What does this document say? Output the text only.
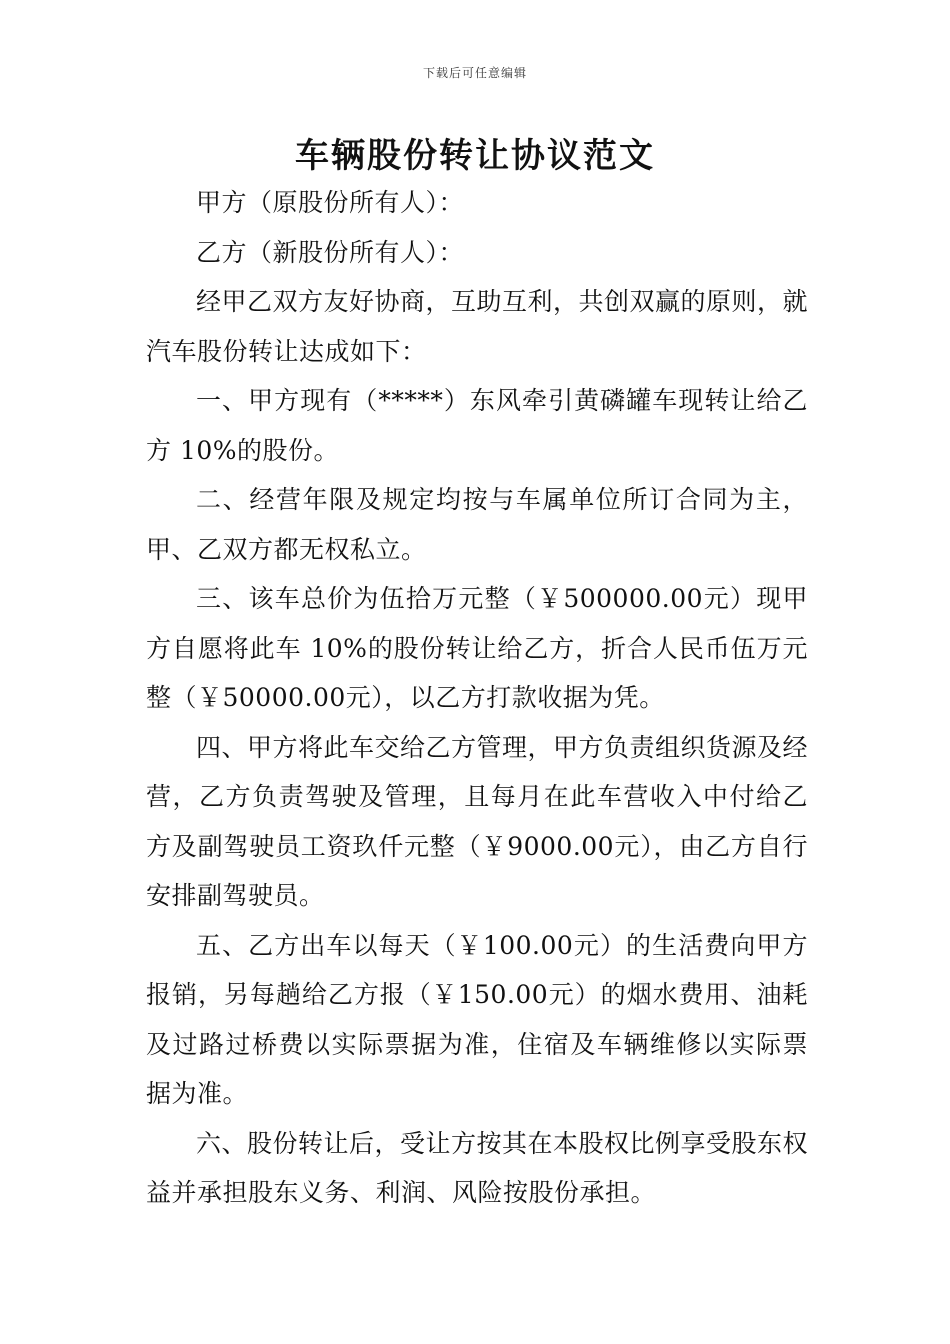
下载后可任意编辑
车辆股份转让协议范文

甲方（原股份所有人）：

乙方（新股份所有人）：

经甲乙双方友好协商，互助互利，共创双赢的原则，就汽车股份转让达成如下：

一、甲方现有（*****）东风牵引黄磷罐车现转让给乙方 10%的股份。

二、经营年限及规定均按与车属单位所订合同为主，甲、乙双方都无权私立。

三、该车总价为伍拾万元整（￥500000.00元）现甲方自愿将此车 10%的股份转让给乙方，折合人民币伍万元整（￥50000.00元），以乙方打款收据为凭。

四、甲方将此车交给乙方管理，甲方负责组织货源及经营，乙方负责驾驶及管理，且每月在此车营收入中付给乙方及副驾驶员工资玖仟元整（￥9000.00元），由乙方自行安排副驾驶员。

五、乙方出车以每天（￥100.00元）的生活费向甲方报销，另每趟给乙方报（￥150.00元）的烟水费用、油耗及过路过桥费以实际票据为准，住宿及车辆维修以实际票据为准。

六、股份转让后，受让方按其在本股权比例享受股东权益并承担股东义务、利润、风险按股份承担。
